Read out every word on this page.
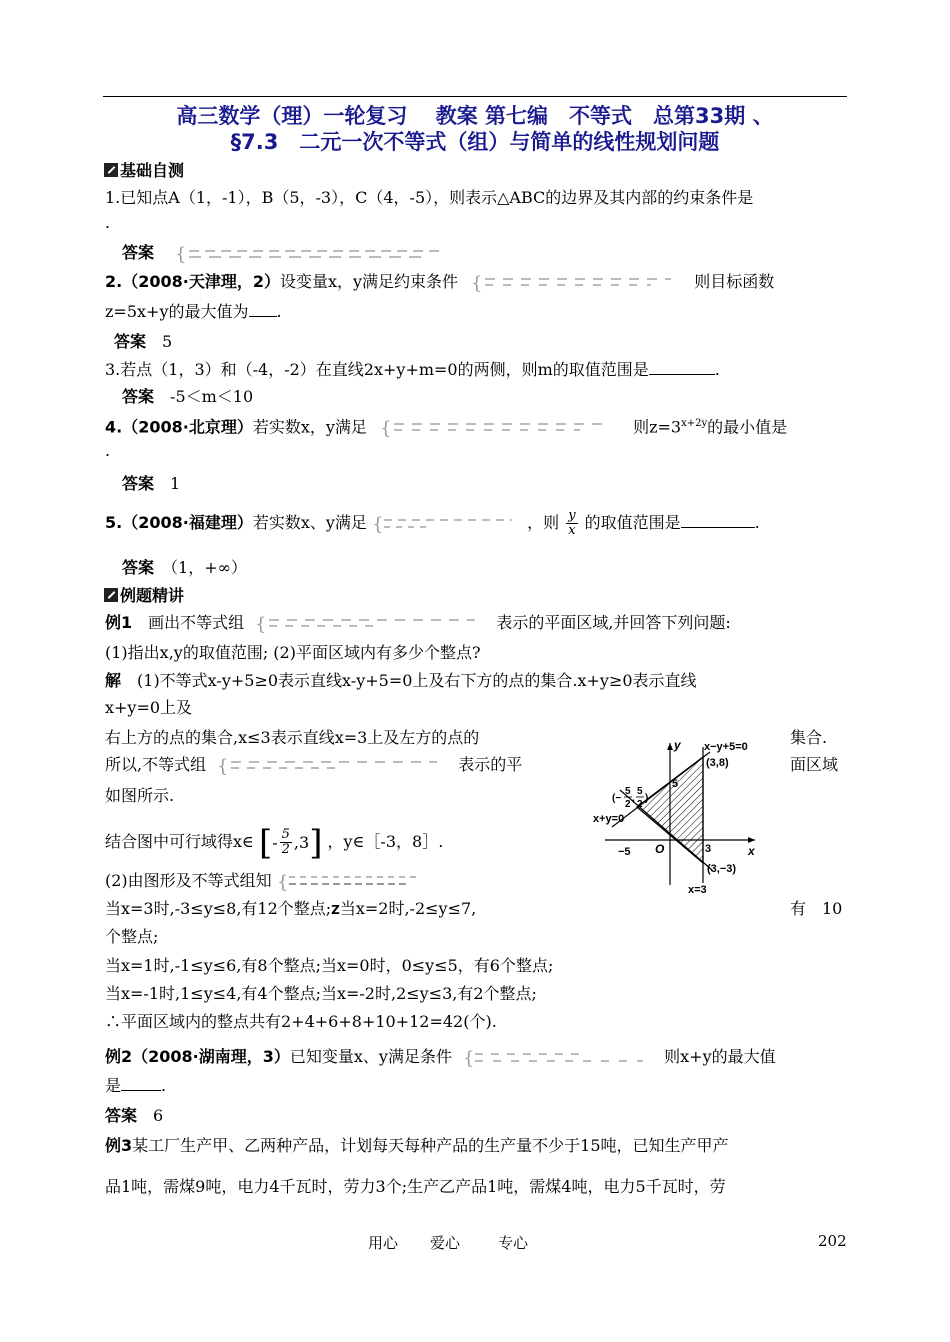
高三数学（理）一轮复习　 教案 第七编　不等式　总第33期 、
§7.3　二元一次不等式（组）与简单的线性规划问题
基础自测
1.已知点A（1，-1），B（5，-3），C（4，-5），则表示△ABC的边界及其内部的约束条件是
.
答案 {
2.（2008·天津理，2）设变量x，y满足约束条件 {	则目标函数
z=5x+y的最大值为 .
答案　 5
3.若点（1，3）和（-4，-2）在直线2x+y+m=0的两侧，则m的取值范围是	.
答案　 -5＜m＜10
4.（2008·北京理）若实数x，y满足 {	则$z=3^{x+2y}$的最小值是
.
答案　 1
5.（2008·福建理）若实数x、y满足 {	，则 $\frac{y}{x}$ 的取值范围是	.
答案　 （1，+∞）
例题精讲
例1　画出不等式组 {	表示的平面区域,并回答下列问题:
(1)指出x,y的取值范围; (2)平面区域内有多少个整点?
解　(1)不等式x-y+5≥0表示直线x-y+5=0上及右下方的点的集合.x+y≥0表示直线
x+y=0上及
右上方的点的集合,x≤3表示直线x=3上及左方的点的	集合.
所以,不等式组 {	表示的平	面区域
如图所示.
结合图中可行域得x∈ [ - $\frac{5}{2} ,3$ ] ，y∈［-3，8］.
(2)由图形及不等式组知 {
当x=3时,-3≤y≤8,有12个整点;Z当x=2时,-2≤y≤7,	有　10
个整点;
当x=1时,-1≤y≤6,有8个整点;当x=0时，0≤y≤5，有6个整点;
当x=-1时,1≤y≤4,有4个整点;当x=-2时,2≤y≤3,有2个整点;
∴平面区域内的整点共有2+4+6+8+10+12=42(个).
y
x
O
x−y+5=0
(3,8)
x+y=0
x=3
(3,−3)
5
−5	3
(−
5
2
,
5
2
)
例2（2008·湖南理，3）已知变量x、y满足条件 {	则x+y的最大值
是	.
答案　 6
例3某工厂生产甲、乙两种产品，计划每天每种产品的生产量不少于15吨，已知生产甲产
品1吨，需煤9吨，电力4千瓦时，劳力3个;生产乙产品1吨，需煤4吨，电力5千瓦时，劳
用心 爱心	专心	202
